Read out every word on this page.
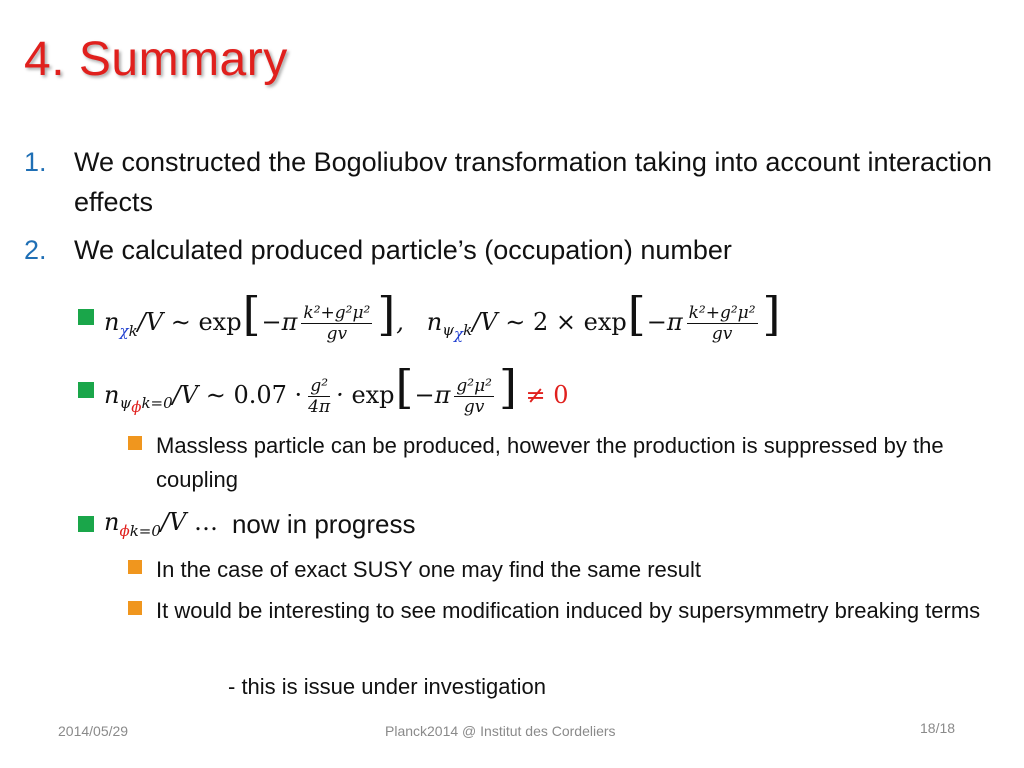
4. Summary
1. We constructed the Bogoliubov transformation taking into account interaction effects
2. We calculated produced particle’s (occupation) number
$n_{\chi k}/V$ ∼ $\exp[-\pi \frac{\text{k²+g²μ²}}{gv}$ ],   $n_{\psi_\chi k}/V$ ∼ $2 \times \exp[-\pi \frac{\text{k²+g²μ²}}{gv}$ ]
$n_{\psi_\phi k=0}/V$ ∼ $0.07 \cdot \frac{\text{g²}}{4\pi} \cdot \exp[-\pi \frac{\text{g²μ²}}{gv}$ ] ≠ 0
Massless particle can be produced, however the production is suppressed by the coupling
$n_{\phi k=0}/V$ … now in progress
In the case of exact SUSY one may find the same result
It would be interesting to see modification induced by supersymmetry breaking terms
- this is issue under investigation
2014/05/29	Planck2014 @ Institut des Cordeliers	18/18
